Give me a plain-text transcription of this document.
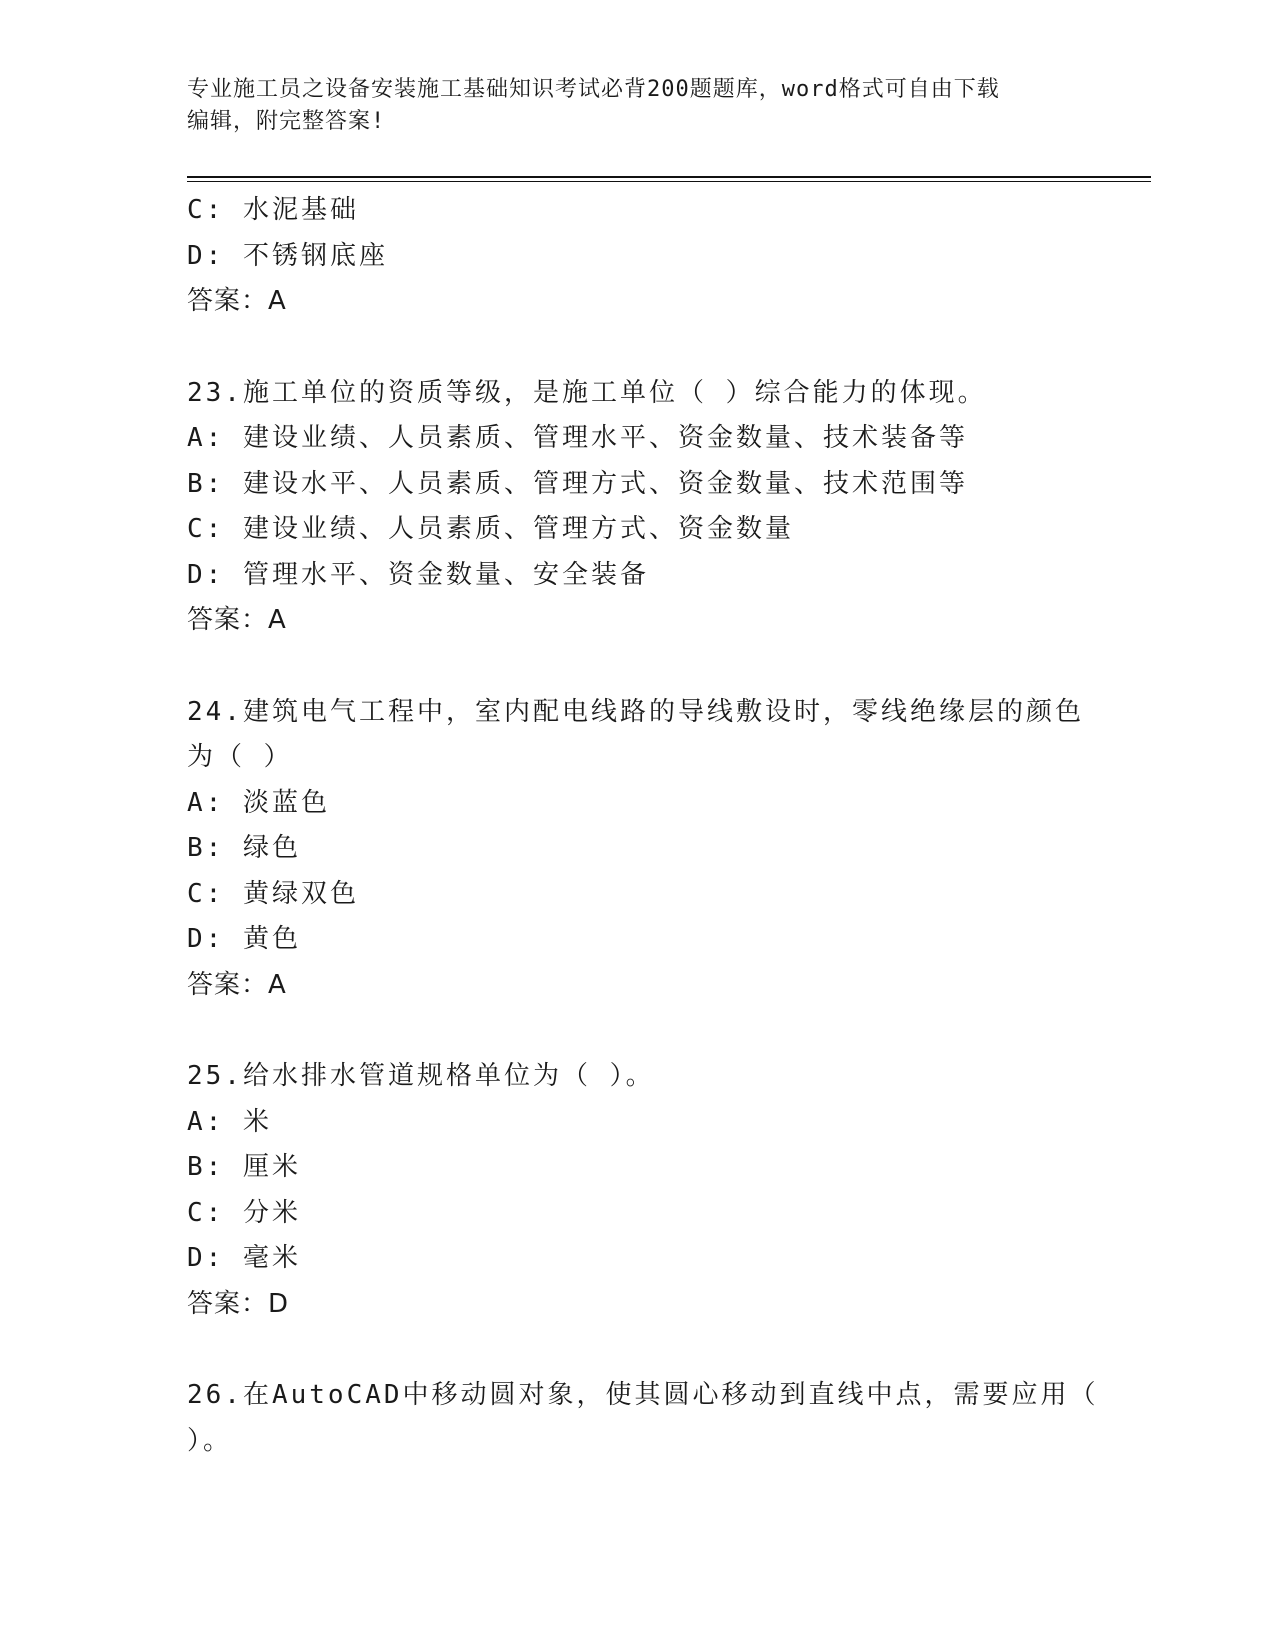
专业施工员之设备安装施工基础知识考试必背200题题库，word格式可自由下载
编辑，附完整答案!
C: 水泥基础
D: 不锈钢底座
答案：A
23.施工单位的资质等级，是施工单位（ ）综合能力的体现。
A: 建设业绩、人员素质、管理水平、资金数量、技术装备等
B: 建设水平、人员素质、管理方式、资金数量、技术范围等
C: 建设业绩、人员素质、管理方式、资金数量
D: 管理水平、资金数量、安全装备
答案：A
24.建筑电气工程中，室内配电线路的导线敷设时，零线绝缘层的颜色
为（ ）
A: 淡蓝色
B: 绿色
C: 黄绿双色
D: 黄色
答案：A
25.给水排水管道规格单位为（ ）。
A: 米
B: 厘米
C: 分米
D: 毫米
答案：D
26.在AutoCAD中移动圆对象，使其圆心移动到直线中点，需要应用（
）。
